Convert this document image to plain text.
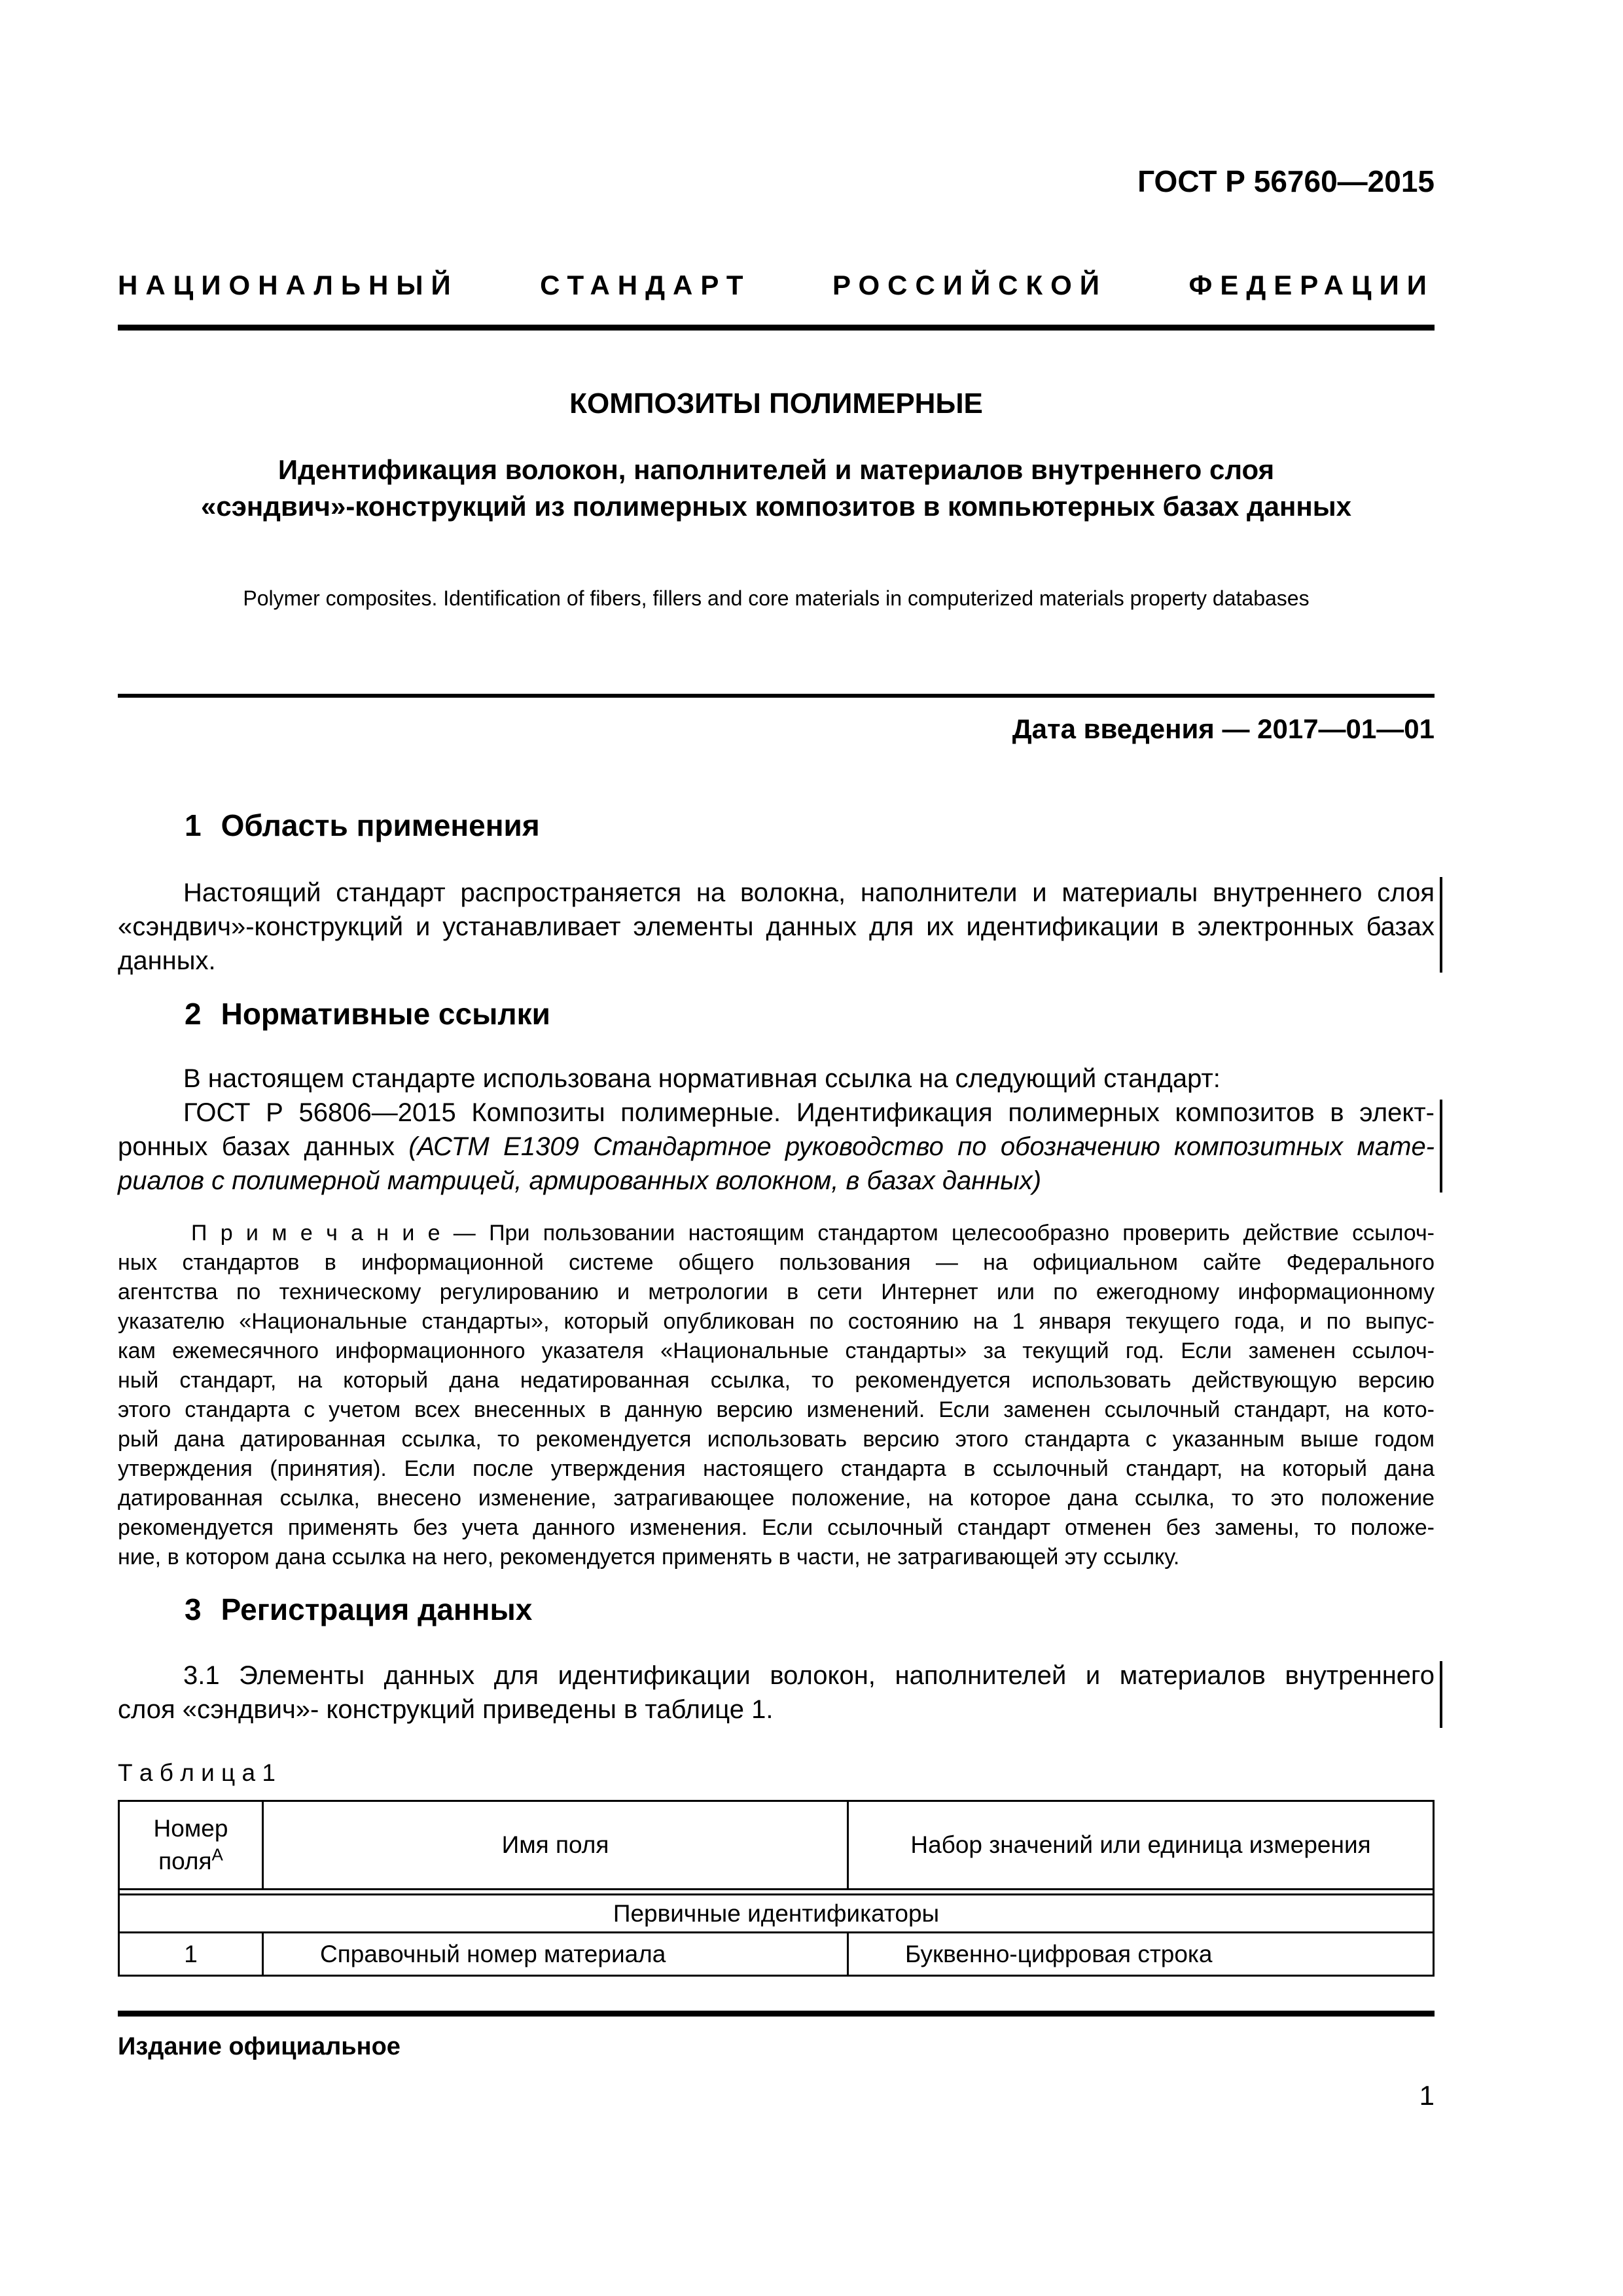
ГОСТ Р 56760—2015
НАЦИОНАЛЬНЫЙ СТАНДАРТ РОССИЙСКОЙ ФЕДЕРАЦИИ
КОМПОЗИТЫ ПОЛИМЕРНЫЕ
Идентификация волокон, наполнителей и материалов внутреннего слоя
«сэндвич»-конструкций из полимерных композитов в компьютерных базах данных
Polymer composites. Identification of fibers, fillers and core materials in computerized materials property databases
Дата введения — 2017—01—01
1 Область применения
Настоящий стандарт распространяется на волокна, наполнители и материалы внутреннего слоя
«сэндвич»-конструкций и устанавливает элементы данных для их идентификации в электронных базах
данных.
2 Нормативные ссылки
В настоящем стандарте использована нормативная ссылка на следующий стандарт:
ГОСТ Р 56806—2015 Композиты полимерные. Идентификация полимерных композитов в элект-
ронных базах данных (АСТМ Е1309 Стандартное руководство по обозначению композитных мате-
риалов с полимерной матрицей, армированных волокном, в базах данных)
П р и м е ч а н и е — При пользовании настоящим стандартом целесообразно проверить действие ссылоч-
ных стандартов в информационной системе общего пользования — на официальном сайте Федерального
агентства по техническому регулированию и метрологии в сети Интернет или по ежегодному информационному
указателю «Национальные стандарты», который опубликован по состоянию на 1 января текущего года, и по выпус-
кам ежемесячного информационного указателя «Национальные стандарты» за текущий год. Если заменен ссылоч-
ный стандарт, на который дана недатированная ссылка, то рекомендуется использовать действующую версию
этого стандарта с учетом всех внесенных в данную версию изменений. Если заменен ссылочный стандарт, на кото-
рый дана датированная ссылка, то рекомендуется использовать версию этого стандарта с указанным выше годом
утверждения (принятия). Если после утверждения настоящего стандарта в ссылочный стандарт, на который дана
датированная ссылка, внесено изменение, затрагивающее положение, на которое дана ссылка, то это положение
рекомендуется применять без учета данного изменения. Если ссылочный стандарт отменен без замены, то положе-
ние, в котором дана ссылка на него, рекомендуется применять в части, не затрагивающей эту ссылку.
3 Регистрация данных
3.1 Элементы данных для идентификации волокон, наполнителей и материалов внутреннего
слоя «сэндвич»- конструкций приведены в таблице 1.
Т а б л и ц а 1
Номер
поля$^А$	Имя поля	Набор значений или единица измерения
Первичные идентификаторы
1	Справочный номер материала	Буквенно-цифровая строка
Издание официальное
1
